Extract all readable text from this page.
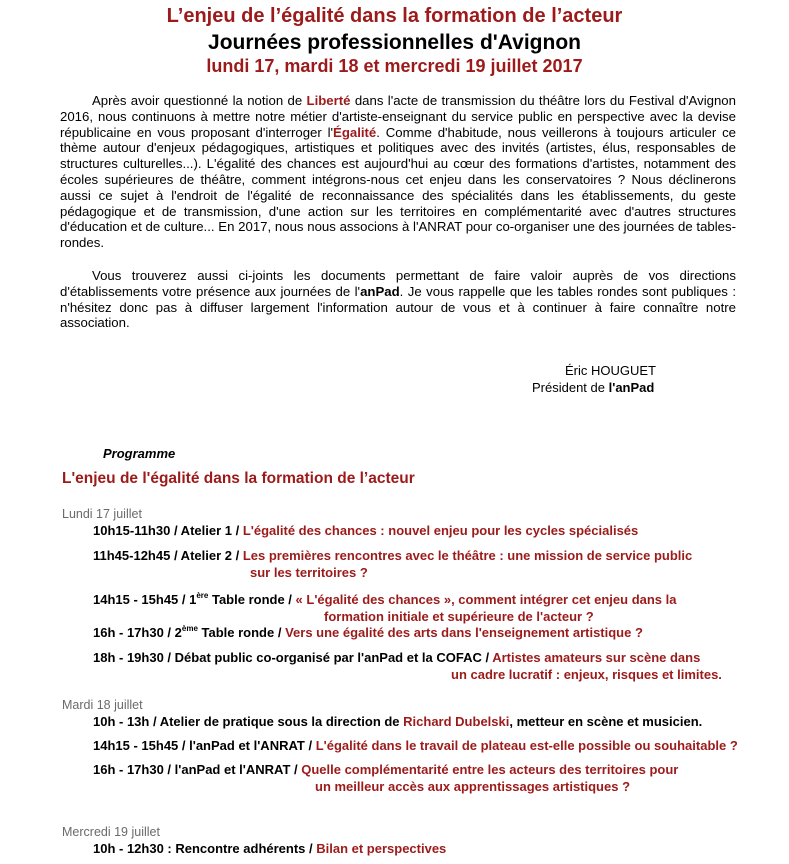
L’enjeu de l’égalité dans la formation de l’acteur
Journées professionnelles d'Avignon
lundi 17, mardi 18 et mercredi 19 juillet 2017

Après avoir questionné la notion de Liberté dans l'acte de transmission du théâtre lors du Festival d'Avignon 2016, nous continuons à mettre notre métier d'artiste-enseignant du service public en perspective avec la devise républicaine en vous proposant d'interroger l'Égalité. Comme d'habitude, nous veillerons à toujours articuler ce thème autour d'enjeux pédagogiques, artistiques et politiques avec des invités (artistes, élus, responsables de structures culturelles...). L'égalité des chances est aujourd'hui au cœur des formations d'artistes, notamment des écoles supérieures de théâtre, comment intégrons-nous cet enjeu dans les conservatoires ? Nous déclinerons aussi ce sujet à l'endroit de l'égalité de reconnaissance des spécialités dans les établissements, du geste pédagogique et de transmission, d'une action sur les territoires en complémentarité avec d'autres structures d'éducation et de culture... En 2017, nous nous associons à l'ANRAT pour co-organiser une des journées de tables-rondes.

Vous trouverez aussi ci-joints les documents permettant de faire valoir auprès de vos directions d'établissements votre présence aux journées de l'anPad. Je vous rappelle que les tables rondes sont publiques : n'hésitez donc pas à diffuser largement l'information autour de vous et à continuer à faire connaître notre association.

Éric HOUGUET
Président de l'anPad
Programme
L'enjeu de l'égalité dans la formation de l’acteur
Lundi 17 juillet
10h15-11h30 / Atelier 1 / L'égalité des chances : nouvel enjeu pour les cycles spécialisés
11h45-12h45 / Atelier 2 / Les premières rencontres avec le théâtre : une mission de service public
sur les territoires ?
14h15 - 15h45 / 1ère Table ronde / « L'égalité des chances », comment intégrer cet enjeu dans la
formation initiale et supérieure de l'acteur ?
16h - 17h30 / 2ème Table ronde / Vers une égalité des arts dans l'enseignement artistique ?
18h - 19h30 / Débat public co-organisé par l'anPad et la COFAC / Artistes amateurs sur scène dans
un cadre lucratif : enjeux, risques et limites.
Mardi 18 juillet
10h - 13h / Atelier de pratique sous la direction de Richard Dubelski, metteur en scène et musicien.
14h15 - 15h45 / l'anPad et l'ANRAT / L'égalité dans le travail de plateau est-elle possible ou souhaitable ?
16h - 17h30 / l'anPad et l'ANRAT / Quelle complémentarité entre les acteurs des territoires pour
un meilleur accès aux apprentissages artistiques ?
Mercredi 19 juillet
10h - 12h30 : Rencontre adhérents / Bilan et perspectives
